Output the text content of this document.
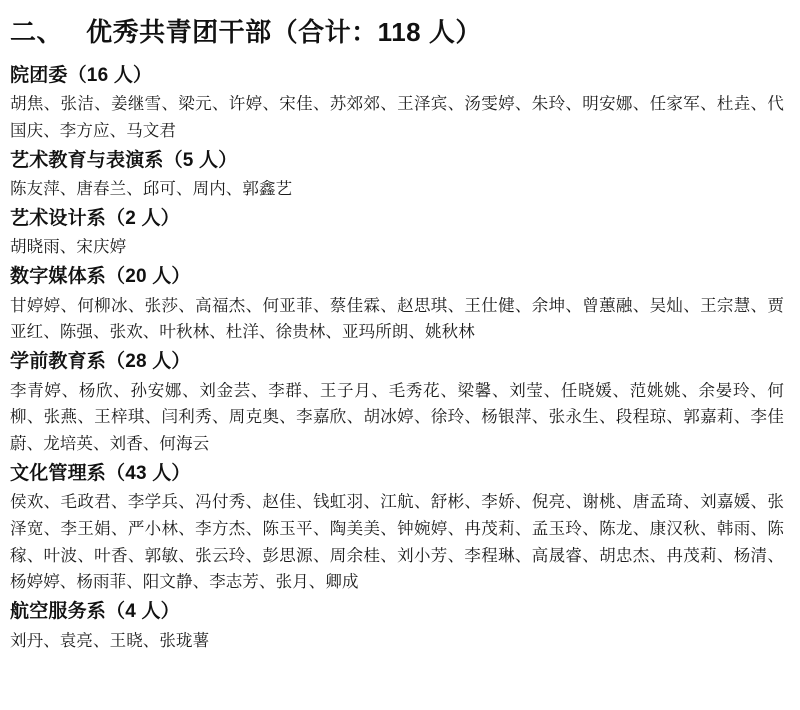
二、   优秀共青团干部（合计：118 人）
院团委（16 人）
胡焦、张洁、姜继雪、梁元、许婷、宋佳、苏郊郊、王泽宾、汤雯婷、朱玲、明安娜、任家军、杜垚、代国庆、李方应、马文君
艺术教育与表演系（5 人）
陈友萍、唐春兰、邱可、周内、郭鑫艺
艺术设计系（2 人）
胡晓雨、宋庆婷
数字媒体系（20 人）
甘婷婷、何柳冰、张莎、高福杰、何亚菲、蔡佳霖、赵思琪、王仕健、余坤、曾蕙融、吴灿、王宗慧、贾亚红、陈强、张欢、叶秋林、杜洋、徐贵林、亚玛所朗、姚秋林
学前教育系（28 人）
李青婷、杨欣、孙安娜、刘金芸、李群、王子月、毛秀花、梁馨、刘莹、任晓媛、范姚姚、余晏玲、何柳、张燕、王梓琪、闫利秀、周克奥、李嘉欣、胡冰婷、徐玲、杨银萍、张永生、段程琼、郭嘉莉、李佳蔚、龙培英、刘香、何海云
文化管理系（43 人）
侯欢、毛政君、李学兵、冯付秀、赵佳、钱虹羽、江航、舒彬、李娇、倪亮、谢桃、唐孟琦、刘嘉媛、张泽宽、李王娟、严小林、李方杰、陈玉平、陶美美、钟婉婷、冉茂莉、孟玉玲、陈龙、康汉秋、韩雨、陈稼、叶波、叶香、郭敏、张云玲、彭思源、周余桂、刘小芳、李程琳、高晟睿、胡忠杰、冉茂莉、杨清、杨婷婷、杨雨菲、阳文静、李志芳、张月、卿成
航空服务系（4 人）
刘丹、袁亮、王晓、张珑薯
